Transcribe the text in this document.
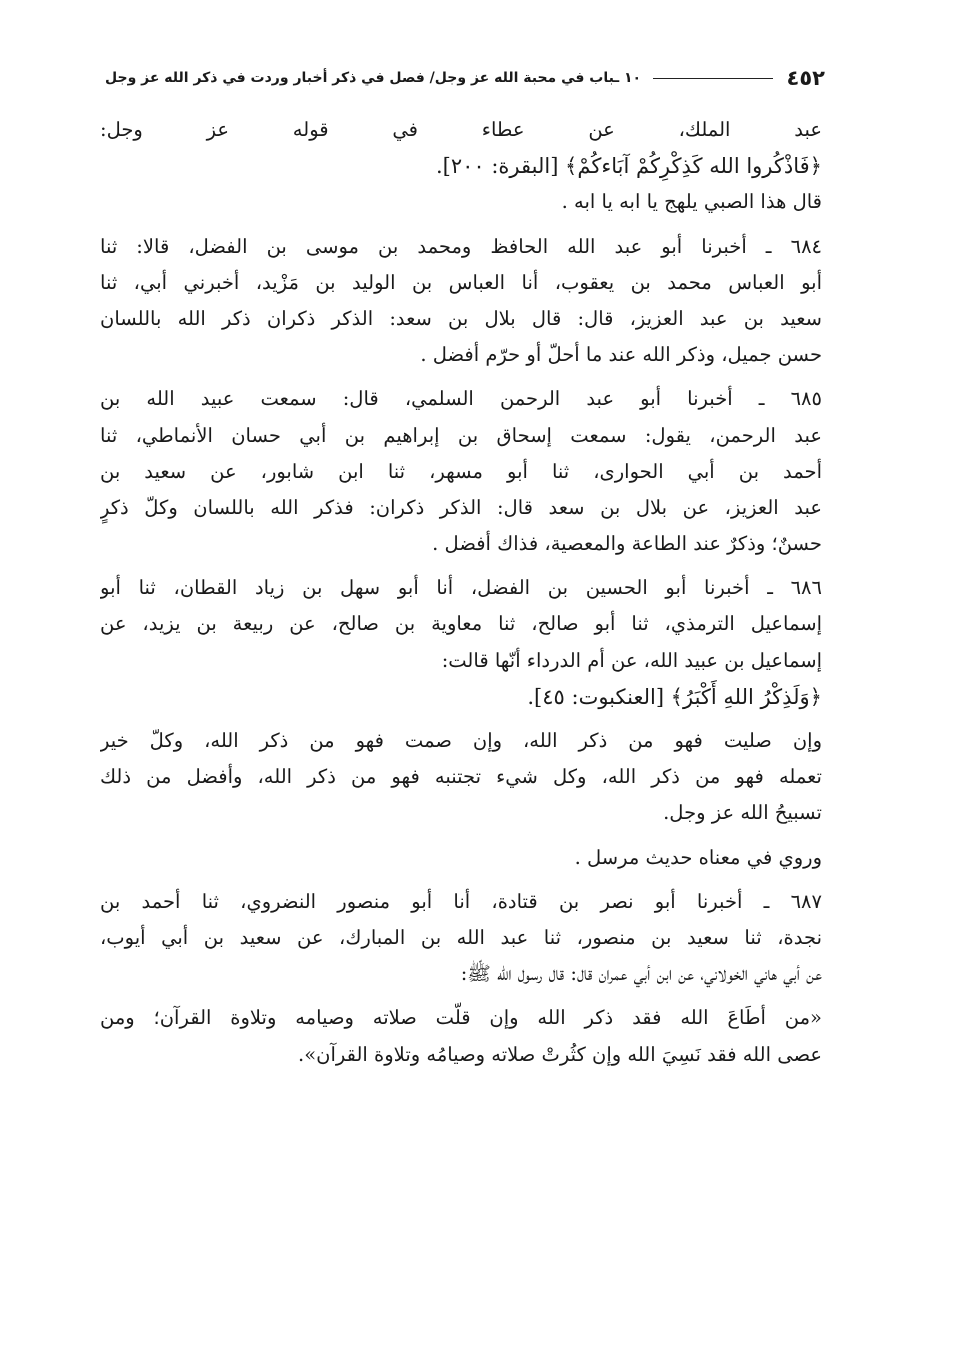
٤٥٢
١٠ ـباب في محبة الله عز وجل/ فصل في ذكر أخبار وردت في ذكر الله عز وجل
عبد الملك، عن عطاء في قوله عز وجل:
﴿فَاذْكُروا الله كَذِكْرِكُمْ آبَاءكُمْ﴾ [البقرة: ٢٠٠].
قال هذا الصبي يلهج يا ابه يا ابه .
٦٨٤ ـ أخبرنا أبو عبد الله الحافظ ومحمد بن موسى بن الفضل، قالا: ثنا
أبو العباس محمد بن يعقوب، أنا العباس بن الوليد بن مَزْيد، أخبرني أبي، ثنا
سعيد بن عبد العزيز، قال: قال بلال بن سعد: الذكر ذكران ذكر الله باللسان
حسن جميل، وذكر الله عند ما أحلّ أو حرّم أفضل .
٦٨٥ ـ أخبرنا أبو عبد الرحمن السلمي، قال: سمعت عبيد الله بن
عبد الرحمن، يقول: سمعت إسحاق بن إبراهيم بن أبي حسان الأنماطي، ثنا
أحمد بن أبي الحوارى، ثنا أبو مسهر، ثنا ابن شابور، عن سعيد بن
عبد العزيز، عن بلال بن سعد قال: الذكر ذكران: فذكر الله باللسان وكلّ ذكرٍ
حسنٌ؛ وذكرٌ عند الطاعة والمعصية، فذاك أفضل .
٦٨٦ ـ أخبرنا أبو الحسين بن الفضل، أنا أبو سهل بن زياد القطان، ثنا أبو
إسماعيل الترمذي، ثنا أبو صالح، ثنا معاوية بن صالح، عن ربيعة بن يزيد، عن
إسماعيل بن عبيد الله، عن أم الدرداء أنّها قالت:
﴿وَلَذِكْرُ اللهِ أَكْبَرُ﴾ [العنكبوت: ٤٥].
وإن صليت فهو من ذكر الله، وإن صمت فهو من ذكر الله، وكلّ خير
تعمله فهو من ذكر الله، وكل شيء تجتنبه فهو من ذكر الله، وأفضل من ذلك
تسبيحُ الله عز وجل.
وروي في معناه حديث مرسل .
٦٨٧ ـ أخبرنا أبو نصر بن قتادة، أنا أبو منصور النضروي، ثنا أحمد بن
نجدة، ثنا سعيد بن منصور، ثنا عبد الله بن المبارك، عن سعيد بن أبي أيوب،
عن أبي هاني الخولاني، عن ابن أبي عمران قال: قال رسول الله ﷺ:
«من أطَاعَ الله فقد ذكر الله وإن قلّت صلاته وصيامه وتلاوة القرآن؛ ومن
عصى الله فقد نَسِيَ الله وإن كثُرتْ صلاته وصيامُه وتلاوة القرآن».
